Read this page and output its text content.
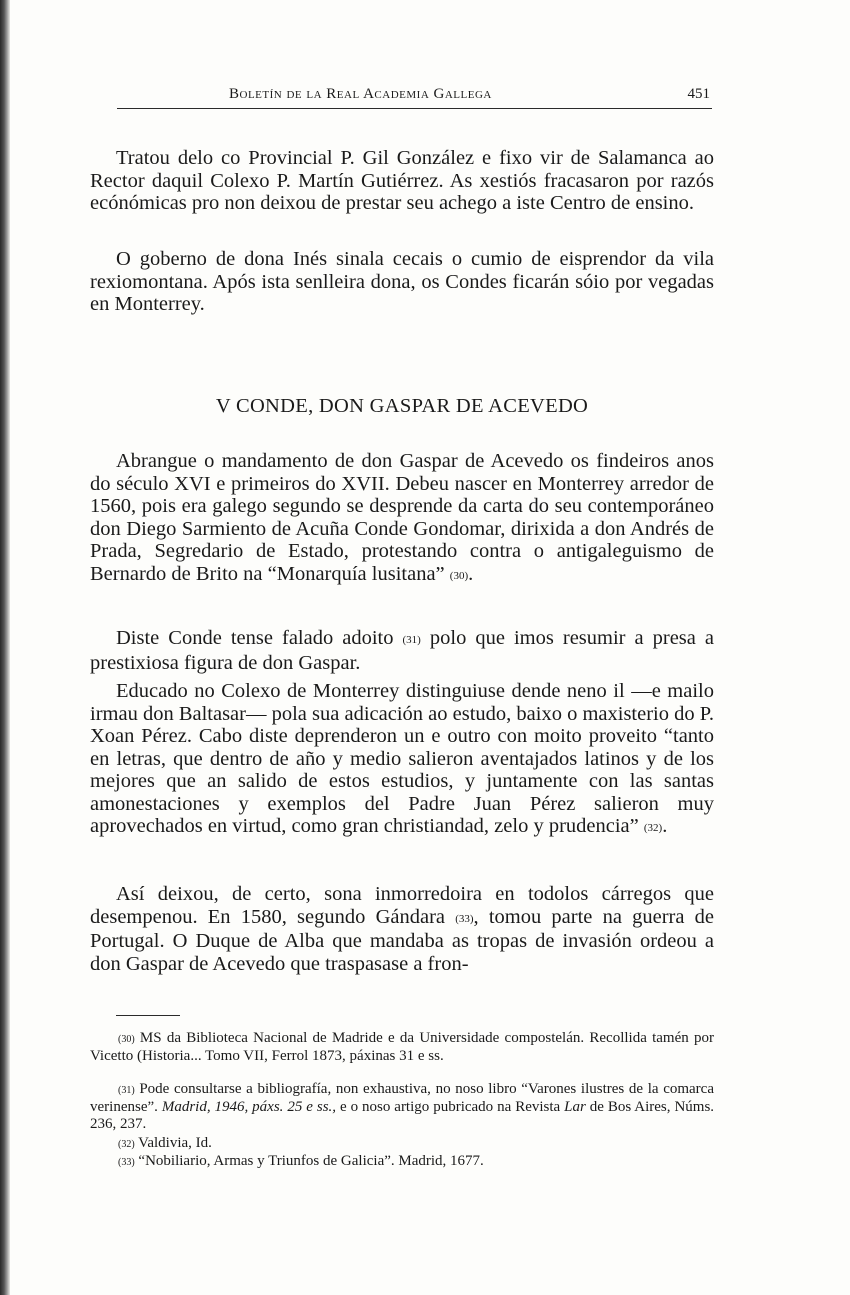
Boletín de la Real Academia Gallega	451

Tratou delo co Provincial P. Gil González e fixo vir de Salamanca ao Rector daquil Colexo P. Martín Gutiérrez. As xestiós fracasaron por razós ecónómicas pro non deixou de prestar seu achego a iste Centro de ensino.

O goberno de dona Inés sinala cecais o cumio de eisprendor da vila rexiomontana. Após ista senlleira dona, os Condes ficarán sóio por vegadas en Monterrey.

V CONDE, DON GASPAR DE ACEVEDO

Abrangue o mandamento de don Gaspar de Acevedo os findeiros anos do século XVI e primeiros do XVII. Debeu nascer en Monterrey arredor de 1560, pois era galego segundo se desprende da carta do seu contemporáneo don Diego Sarmiento de Acuña Conde Gondomar, dirixida a don Andrés de Prada, Segredario de Estado, protestando contra o antigaleguismo de Bernardo de Brito na “Monarquía lusitana” (30).

Diste Conde tense falado adoito (31) polo que imos resumir a presa a prestixiosa figura de don Gaspar.

Educado no Colexo de Monterrey distinguiuse dende neno il —e mailo irmau don Baltasar— pola sua adicación ao estudo, baixo o maxisterio do P. Xoan Pérez. Cabo diste deprenderon un e outro con moito proveito “tanto en letras, que dentro de año y medio salieron aventajados latinos y de los mejores que an salido de estos estudios, y juntamente con las santas amonestaciones y exemplos del Padre Juan Pérez salieron muy aprovechados en virtud, como gran christiandad, zelo y prudencia” (32).

Así deixou, de certo, sona inmorredoira en todolos cárregos que desempenou. En 1580, segundo Gándara (33), tomou parte na guerra de Portugal. O Duque de Alba que mandaba as tropas de invasión ordeou a don Gaspar de Acevedo que traspasase a fron-

(30) MS da Biblioteca Nacional de Madride e da Universidade compostelán. Recollida tamén por Vicetto (Historia... Tomo VII, Ferrol 1873, páxinas 31 e ss.

(31) Pode consultarse a bibliografía, non exhaustiva, no noso libro “Varones ilustres de la comarca verinense”. Madrid, 1946, páxs. 25 e ss., e o noso artigo pubricado na Revista Lar de Bos Aires, Núms. 236, 237.

(32) Valdivia, Id.

(33) “Nobiliario, Armas y Triunfos de Galicia”. Madrid, 1677.
